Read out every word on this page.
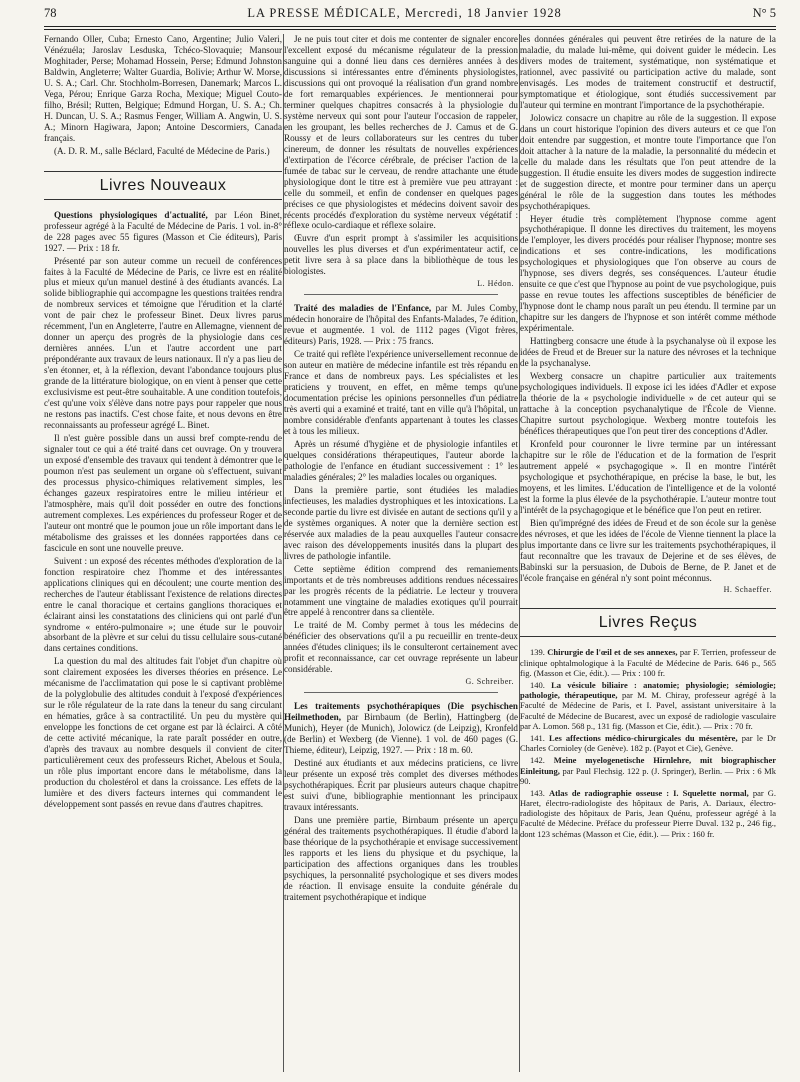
78	LA PRESSE MÉDICALE, Mercredi, 18 Janvier 1928	N° 5

Fernando Oller, Cuba; Ernesto Cano, Argentine; Julio Valeri, Vénézuéla; Jaroslav Lesduska, Tchéco-Slovaquie; Mansour Moghitader, Perse; Mohamad Hossein, Perse; Edmund Johnston Baldwin, Angleterre; Walter Guardia, Bolivie; Arthur W. Morse, U. S. A.; Carl. Chr. Stochholm-Borresen, Danemark; Marcos L. Vega, Pérou; Enrique Garza Rocha, Mexique; Miguel Couto-filho, Brésil; Rutten, Belgique; Edmund Horgan, U. S. A.; Ch. H. Duncan, U. S. A.; Rasmus Fenger, William A. Angwin, U. S. A.; Minorn Hagiwara, Japon; Antoine Descormiers, Canada français.

(A. D. R. M., salle Béclard, Faculté de Médecine de Paris.)

Livres Nouveaux
Questions physiologiques d'actualité, par Léon Binet, professeur agrégé à la Faculté de Médecine de Paris. 1 vol. in-8° de 228 pages avec 55 figures (Masson et Cie éditeurs), Paris 1927. — Prix : 18 fr.

Présenté par son auteur comme un recueil de conférences faites à la Faculté de Médecine de Paris, ce livre est en réalité plus et mieux qu'un manuel destiné à des étudiants avancés. La solide bibliographie qui accompagne les questions traitées rendra de nombreux services et témoigne que l'érudition et la clarté vont de pair chez le professeur Binet. Deux livres parus récemment, l'un en Angleterre, l'autre en Allemagne, viennent de donner un aperçu des progrès de la physiologie dans ces dernières années. L'un et l'autre accordent une part prépondérante aux travaux de leurs nationaux. Il n'y a pas lieu de s'en étonner, et, à la réflexion, devant l'abondance toujours plus grande de la littérature biologique, on en vient à penser que cette exclusivisme est peut-être souhaitable. A une condition toutefois, c'est qu'une voix s'élève dans notre pays pour rappeler que nous ne restons pas inactifs. C'est chose faite, et nous devons en être reconnaissants au professeur agrégé L. Binet.

Il n'est guère possible dans un aussi bref compte-rendu de signaler tout ce qui a été traité dans cet ouvrage. On y trouvera un exposé d'ensemble des travaux qui tendent à démontrer que le poumon n'est pas seulement un organe où s'effectuent, suivant des processus physico-chimiques relativement simples, les échanges gazeux respiratoires entre le milieu intérieur et l'atmosphère, mais qu'il doit posséder en outre des fonctions autrement complexes. Les expériences du professeur Roger et de l'auteur ont montré que le poumon joue un rôle important dans le métabolisme des graisses et les données rapportées dans ce fascicule en sont une nouvelle preuve.

Suivent : un exposé des récentes méthodes d'exploration de la fonction respiratoire chez l'homme et des intéressantes applications cliniques qui en découlent; une courte mention des recherches de l'auteur établissant l'existence de relations directes entre le canal thoracique et certains ganglions thoraciques et éclairant ainsi les constatations des cliniciens qui ont parlé d'un syndrome « entéro-pulmonaire »; une étude sur le pouvoir absorbant de la plèvre et sur celui du tissu cellulaire sous-cutané dans certaines conditions.

La question du mal des altitudes fait l'objet d'un chapitre où sont clairement exposées les diverses théories en présence. Le mécanisme de l'acclimatation qui pose le si captivant problème de la polyglobulie des altitudes conduit à l'exposé d'expériences sur le rôle régulateur de la rate dans la teneur du sang circulant en hématies, grâce à sa contractilité. Un peu du mystère qui enveloppe les fonctions de cet organe est par là éclairci. A côté de cette activité mécanique, la rate paraît posséder en outre, d'après des travaux au nombre desquels il convient de citer particulièrement ceux des professeurs Richet, Abelous et Soula, un rôle plus important encore dans le métabolisme, dans la production du cholestérol et dans la croissance. Les effets de la lumière et des divers facteurs internes qui commandent le développement sont passés en revue dans d'autres chapitres.

Je ne puis tout citer et dois me contenter de signaler encore l'excellent exposé du mécanisme régulateur de la pression sanguine qui a donné lieu dans ces dernières années à des discussions si intéressantes entre d'éminents physiologistes, discussions qui ont provoqué la réalisation d'un grand nombre de fort remarquables expériences. Je mentionnerai pour terminer quelques chapitres consacrés à la physiologie du système nerveux qui sont pour l'auteur l'occasion de rappeler, en les groupant, les belles recherches de J. Camus et de G. Roussy et de leurs collaborateurs sur les centres du tuber cinereum, de donner les résultats de nouvelles expériences d'extirpation de l'écorce cérébrale, de préciser l'action de la fumée de tabac sur le cerveau, de rendre attachante une étude physiologique dont le titre est à première vue peu attrayant : celle du sommeil, et enfin de condenser en quelques pages précises ce que physiologistes et médecins doivent savoir des récents procédés d'exploration du système nerveux végétatif : réflexe oculo-cardiaque et réflexe solaire.

Œuvre d'un esprit prompt à s'assimiler les acquisitions nouvelles les plus diverses et d'un expérimentateur actif, ce petit livre sera à sa place dans la bibliothèque de tous les biologistes.

L. Hédon.
Traité des maladies de l'Enfance, par M. Jules Comby, médecin honoraire de l'hôpital des Enfants-Malades, 7e édition, revue et augmentée. 1 vol. de 1112 pages (Vigot frères, éditeurs) Paris, 1928. — Prix : 75 francs.

Ce traité qui reflète l'expérience universellement reconnue de son auteur en matière de médecine infantile est très répandu en France et dans de nombreux pays. Les spécialistes et les praticiens y trouvent, en effet, en même temps qu'une documentation précise les opinions personnelles d'un pédiatre très averti qui a examiné et traité, tant en ville qu'à l'hôpital, un nombre considérable d'enfants appartenant à toutes les classes et à tous les milieux.

Après un résumé d'hygiène et de physiologie infantiles et quelques considérations thérapeutiques, l'auteur aborde la pathologie de l'enfance en étudiant successivement : 1° les maladies générales; 2° les maladies locales ou organiques.

Dans la première partie, sont étudiées les maladies infectieuses, les maladies dystrophiques et les intoxications. La seconde partie du livre est divisée en autant de sections qu'il y a de systèmes organiques. A noter que la dernière section est réservée aux maladies de la peau auxquelles l'auteur consacre avec raison des développements inusités dans la plupart des livres de pathologie infantile.

Cette septième édition comprend des remaniements importants et de très nombreuses additions rendues nécessaires par les progrès récents de la pédiatrie. Le lecteur y trouvera notamment une vingtaine de maladies exotiques qu'il pourrait être appelé à rencontrer dans sa clientèle.

Le traité de M. Comby permet à tous les médecins de bénéficier des observations qu'il a pu recueillir en trente-deux années d'études cliniques; ils le consulteront certainement avec profit et reconnaissance, car cet ouvrage représente un labeur considérable.

G. Schreiber.
Les traitements psychothérapiques (Die psychischen Heilmethoden, par Birnbaum (de Berlin), Hattingberg (de Munich), Heyer (de Munich), Jolowicz (de Leipzig), Kronfeld (de Berlin) et Wexberg (de Vienne). 1 vol. de 460 pages (G. Thieme, éditeur), Leipzig, 1927. — Prix : 18 m. 60.

Destiné aux étudiants et aux médecins praticiens, ce livre leur présente un exposé très complet des diverses méthodes psychothérapiques. Écrit par plusieurs auteurs chaque chapitre est suivi d'une, bibliographie mentionnant les principaux travaux intéressants.

Dans une première partie, Birnbaum présente un aperçu général des traitements psychothérapiques. Il étudie d'abord la base théorique de la psychothérapie et envisage successivement les rapports et les liens du physique et du psychique, la participation des affections organiques dans les troubles psychiques, la personnalité psychologique et ses divers modes de réaction. Il envisage ensuite la conduite générale du traitement psychothérapique et indique

les données générales qui peuvent être retirées de la nature de la maladie, du malade lui-même, qui doivent guider le médecin. Les divers modes de traitement, systématique, non systématique et rationnel, avec passivité ou participation active du malade, sont envisagés. Les modes de traitement constructif et destructif, symptomatique et étiologique, sont étudiés successivement par l'auteur qui termine en montrant l'importance de la psychothérapie.

Jolowicz consacre un chapitre au rôle de la suggestion. Il expose dans un court historique l'opinion des divers auteurs et ce que l'on doit entendre par suggestion, et montre toute l'importance que l'on doit attacher à la nature de la maladie, la personnalité du médecin et celle du malade dans les résultats que l'on peut attendre de la suggestion. Il étudie ensuite les divers modes de suggestion indirecte et de suggestion directe, et montre pour terminer dans un aperçu général le rôle de la suggestion dans toutes les méthodes psychothérapiques.

Heyer étudie très complètement l'hypnose comme agent psychothérapique. Il donne les directives du traitement, les moyens de l'employer, les divers procédés pour réaliser l'hypnose; montre ses indications et ses contre-indications, les modifications psychologiques et physiologiques que l'on observe au cours de l'hypnose, ses divers degrés, ses conséquences. L'auteur étudie ensuite ce que c'est que l'hypnose au point de vue psychologique, puis passe en revue toutes les affections susceptibles de bénéficier de l'hypnose dont le champ nous paraît un peu étendu. Il termine par un chapitre sur les dangers de l'hypnose et son intérêt comme méthode expérimentale.

Hattingberg consacre une étude à la psychanalyse où il expose les idées de Freud et de Breuer sur la nature des névroses et la technique de la psychanalyse.

Wexberg consacre un chapitre particulier aux traitements psychologiques individuels. Il expose ici les idées d'Adler et expose la théorie de la « psychologie individuelle » de cet auteur qui se rattache à la conception psychanalytique de l'École de Vienne. Chapitre surtout psychologique. Wexberg montre toutefois les bénéfices thérapeutiques que l'on peut tirer des conceptions d'Adler.

Kronfeld pour couronner le livre termine par un intéressant chapitre sur le rôle de l'éducation et de la formation de l'esprit autrement appelé « psychagogique ». Il en montre l'intérêt psychologique et psychothérapique, en précise la base, le but, les moyens, et les limites. L'éducation de l'intelligence et de la volonté est la forme la plus élevée de la psychothérapie. L'auteur montre tout l'intérêt de la psychagogique et le bénéfice que l'on peut en retirer.

Bien qu'imprégné des idées de Freud et de son école sur la genèse des névroses, et que les idées de l'école de Vienne tiennent la place la plus importante dans ce livre sur les traitements psychothérapiques, il faut reconnaître que les travaux de Dejerine et de ses élèves, de Babinski sur la persuasion, de Dubois de Berne, de P. Janet et de l'école française en général n'y sont point méconnus.

H. Schaeffer.
Livres Reçus
139. Chirurgie de l'œil et de ses annexes, par F. Terrien, professeur de clinique ophtalmologique à la Faculté de Médecine de Paris. 646 p., 565 fig. (Masson et Cie, édit.). — Prix : 100 fr.
140. La vésicule biliaire : anatomie; physiologie; sémiologie; pathologie, thérapeutique, par M. M. Chiray, professeur agrégé à la Faculté de Médecine de Paris, et I. Pavel, assistant universitaire à la Faculté de Médecine de Bucarest, avec un exposé de radiologie vasculaire par A. Lomon. 568 p., 131 fig. (Masson et Cie, édit.). — Prix : 70 fr.
141. Les affections médico-chirurgicales du mésentère, par le Dr Charles Cornioley (de Genève). 182 p. (Payot et Cie), Genève.
142. Meine myelogenetische Hirnlehre, mit biographischer Einleitung, par Paul Flechsig. 122 p. (J. Springer), Berlin. — Prix : 6 Mk 90.
143. Atlas de radiographie osseuse : I. Squelette normal, par G. Haret, électro-radiologiste des hôpitaux de Paris, A. Dariaux, électro-radiologiste des hôpitaux de Paris, Jean Quénu, professeur agrégé à la Faculté de Médecine. Préface du professeur Pierre Duval. 132 p., 246 fig., dont 123 schémas (Masson et Cie, édit.). — Prix : 160 fr.
